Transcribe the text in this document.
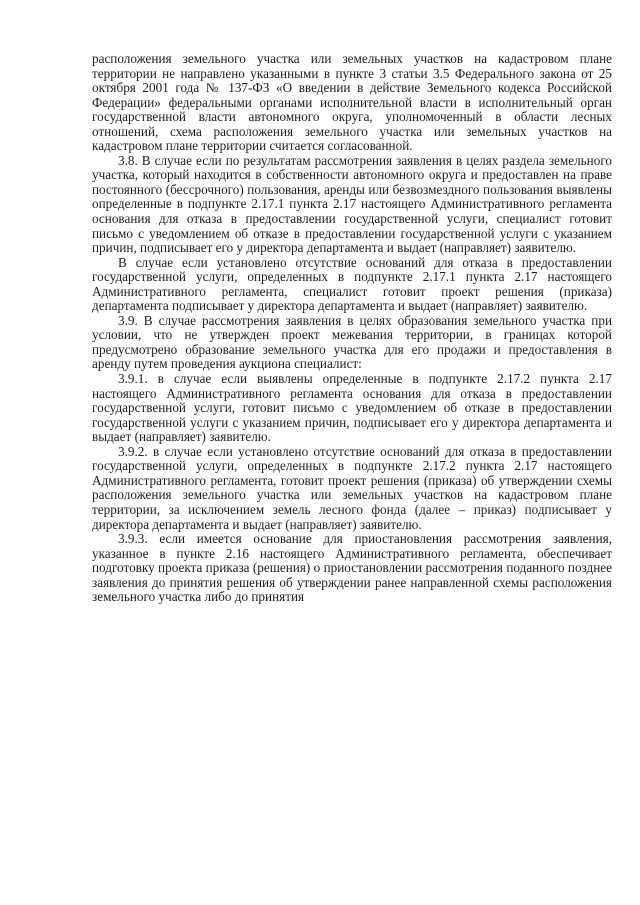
расположения земельного участка или земельных участков на кадастровом плане территории не направлено указанными в пункте 3 статьи 3.5 Федерального закона от 25 октября 2001 года № 137-ФЗ «О введении в действие Земельного кодекса Российской Федерации» федеральными органами исполнительной власти в исполнительный орган государственной власти автономного округа, уполномоченный в области лесных отношений, схема расположения земельного участка или земельных участков на кадастровом плане территории считается согласованной.

3.8. В случае если по результатам рассмотрения заявления в целях раздела земельного участка, который находится в собственности автономного округа и предоставлен на праве постоянного (бессрочного) пользования, аренды или безвозмездного пользования выявлены определенные в подпункте 2.17.1 пункта 2.17 настоящего Административного регламента основания для отказа в предоставлении государственной услуги, специалист готовит письмо с уведомлением об отказе в предоставлении государственной услуги с указанием причин, подписывает его у директора департамента и выдает (направляет) заявителю.

В случае если установлено отсутствие оснований для отказа в предоставлении государственной услуги, определенных в подпункте 2.17.1 пункта 2.17 настоящего Административного регламента, специалист готовит проект решения (приказа) департамента подписывает у директора департамента и выдает (направляет) заявителю.

3.9. В случае рассмотрения заявления в целях образования земельного участка при условии, что не утвержден проект межевания территории, в границах которой предусмотрено образование земельного участка для его продажи и предоставления в аренду путем проведения аукциона специалист:

3.9.1. в случае если выявлены определенные в подпункте 2.17.2 пункта 2.17 настоящего Административного регламента основания для отказа в предоставлении государственной услуги, готовит письмо с уведомлением об отказе в предоставлении государственной услуги с указанием причин, подписывает его у директора департамента и выдает (направляет) заявителю.

3.9.2. в случае если установлено отсутствие оснований для отказа в предоставлении государственной услуги, определенных в подпункте 2.17.2 пункта 2.17 настоящего Административного регламента, готовит проект решения (приказа) об утверждении схемы расположения земельного участка или земельных участков на кадастровом плане территории, за исключением земель лесного фонда (далее – приказ) подписывает у директора департамента и выдает (направляет) заявителю.

3.9.3. если имеется основание для приостановления рассмотрения заявления, указанное в пункте 2.16 настоящего Административного регламента, обеспечивает подготовку проекта приказа (решения) о приостановлении рассмотрения поданного позднее заявления до принятия решения об утверждении ранее направленной схемы расположения земельного участка либо до принятия
